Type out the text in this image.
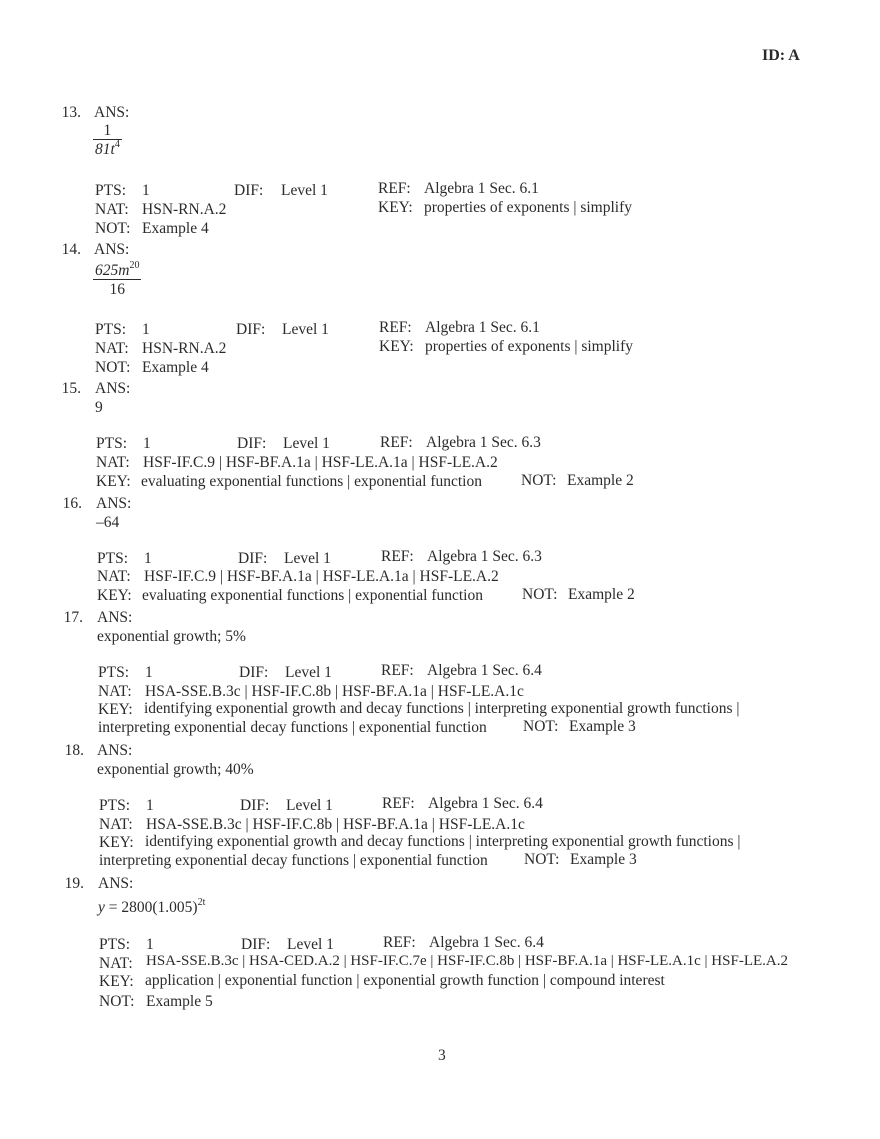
ID: A
13. ANS:
$\frac{1}{81t^4}$
PTS: 1	DIF: Level 1	REF: Algebra 1 Sec. 6.1
NAT: HSN-RN.A.2	KEY: properties of exponents | simplify
NOT: Example 4
14. ANS:
$\frac{625m^{20}}{16}$
PTS: 1	DIF: Level 1	REF: Algebra 1 Sec. 6.1
NAT: HSN-RN.A.2	KEY: properties of exponents | simplify
NOT: Example 4
15. ANS:
9
PTS: 1	DIF: Level 1	REF: Algebra 1 Sec. 6.3
NAT: HSF-IF.C.9 | HSF-BF.A.1a | HSF-LE.A.1a | HSF-LE.A.2
KEY: evaluating exponential functions | exponential function	NOT: Example 2
16. ANS:
–64
PTS: 1	DIF: Level 1	REF: Algebra 1 Sec. 6.3
NAT: HSF-IF.C.9 | HSF-BF.A.1a | HSF-LE.A.1a | HSF-LE.A.2
KEY: evaluating exponential functions | exponential function	NOT: Example 2
17. ANS:
exponential growth; 5%
PTS: 1	DIF: Level 1	REF: Algebra 1 Sec. 6.4
NAT: HSA-SSE.B.3c | HSF-IF.C.8b | HSF-BF.A.1a | HSF-LE.A.1c
KEY: identifying exponential growth and decay functions | interpreting exponential growth functions |
interpreting exponential decay functions | exponential function NOT: Example 3
18. ANS:
exponential growth; 40%
PTS: 1	DIF: Level 1	REF: Algebra 1 Sec. 6.4
NAT: HSA-SSE.B.3c | HSF-IF.C.8b | HSF-BF.A.1a | HSF-LE.A.1c
KEY: identifying exponential growth and decay functions | interpreting exponential growth functions |
interpreting exponential decay functions | exponential function NOT: Example 3
19. ANS:
$y = 2800(1.005)^{2t}$
PTS: 1	DIF: Level 1	REF: Algebra 1 Sec. 6.4
NAT: HSA-SSE.B.3c | HSA-CED.A.2 | HSF-IF.C.7e | HSF-IF.C.8b | HSF-BF.A.1a | HSF-LE.A.1c | HSF-LE.A.2
KEY: application | exponential function | exponential growth function | compound interest
NOT: Example 5
3
